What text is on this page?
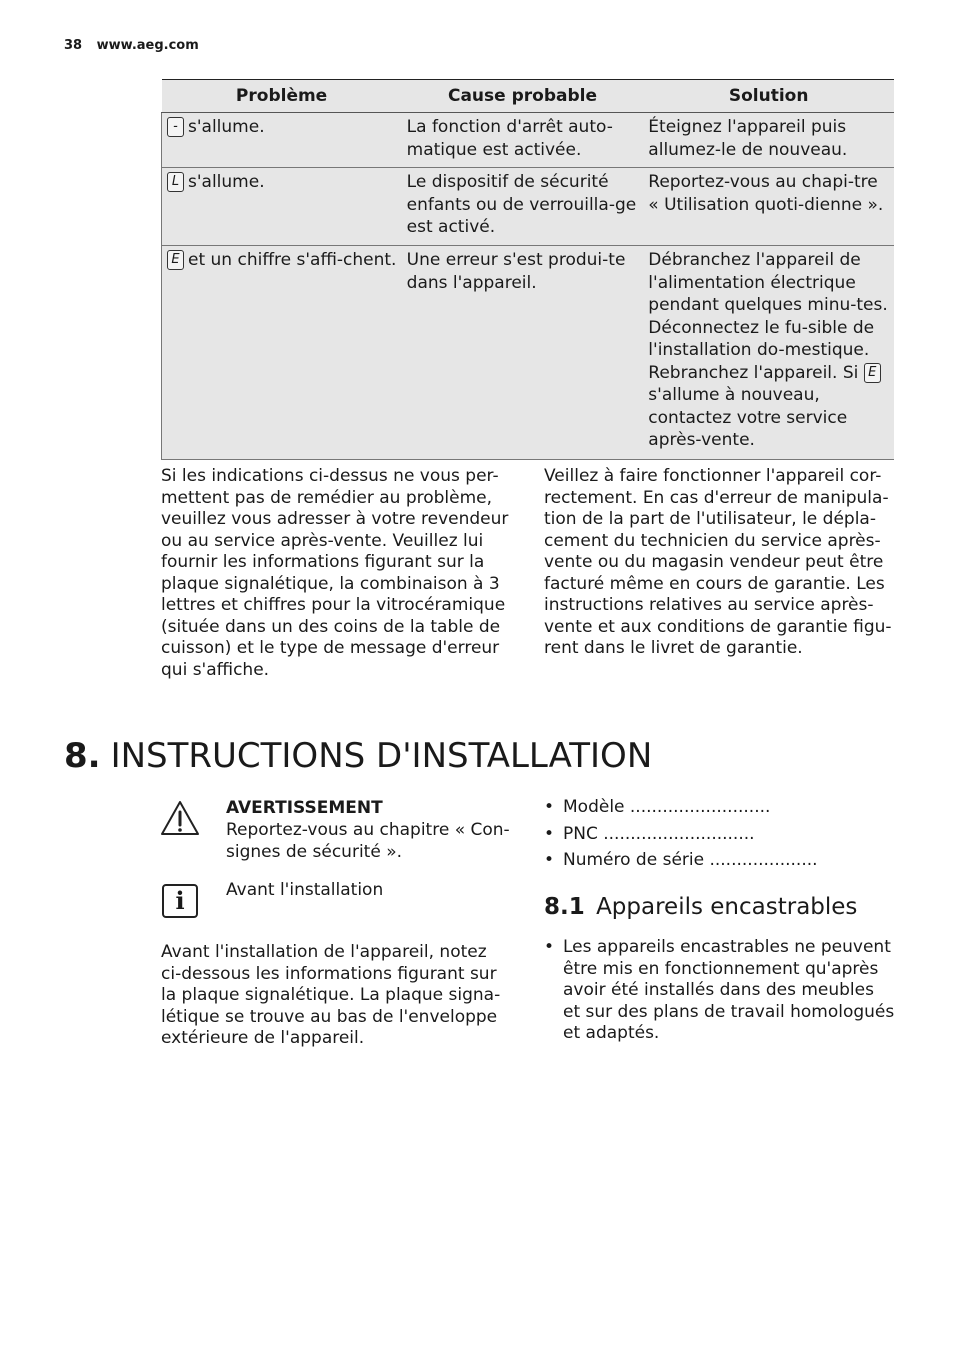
38 www.aeg.com
Problème	Cause probable	Solution
- s'allume.	La fonction d'arrêt auto-matique est activée.	Éteignez l'appareil puis allumez-le de nouveau.
L s'allume.	Le dispositif de sécurité enfants ou de verrouilla-ge est activé.	Reportez-vous au chapi-tre « Utilisation quoti-dienne ».
E et un chiffre s'affi-chent.	Une erreur s'est produi-te dans l'appareil.	Débranchez l'appareil de l'alimentation électrique pendant quelques minu-tes. Déconnectez le fu-sible de l'installation do-mestique. Rebranchez l'appareil. Si Es'allume à nouveau, contactez votre service après-vente.
Si les indications ci-dessus ne vous per-mettent pas de remédier au problème, veuillez vous adresser à votre revendeur ou au service après-vente. Veuillez lui fournir les informations figurant sur la plaque signalétique, la combinaison à 3 lettres et chiffres pour la vitrocéramique (située dans un des coins de la table de cuisson) et le type de message d'erreur qui s'affiche.
Veillez à faire fonctionner l'appareil cor-rectement. En cas d'erreur de manipula-tion de la part de l'utilisateur, le dépla-cement du technicien du service après-vente ou du magasin vendeur peut être facturé même en cours de garantie. Les instructions relatives au service après-vente et aux conditions de garantie figu-rent dans le livret de garantie.
8. INSTRUCTIONS D'INSTALLATION
AVERTISSEMENT
Reportez-vous au chapitre « Con-signes de sécurité ».
i	Avant l'installation
Avant l'installation de l'appareil, notez ci-dessous les informations figurant sur la plaque signalétique. La plaque signa-létique se trouve au bas de l'enveloppe extérieure de l'appareil.
• Modèle ..........................
• PNC ............................
• Numéro de série ....................
8.1 Appareils encastrables
• Les appareils encastrables ne peuvent être mis en fonctionnement qu'après avoir été installés dans des meubles et sur des plans de travail homologués et adaptés.
